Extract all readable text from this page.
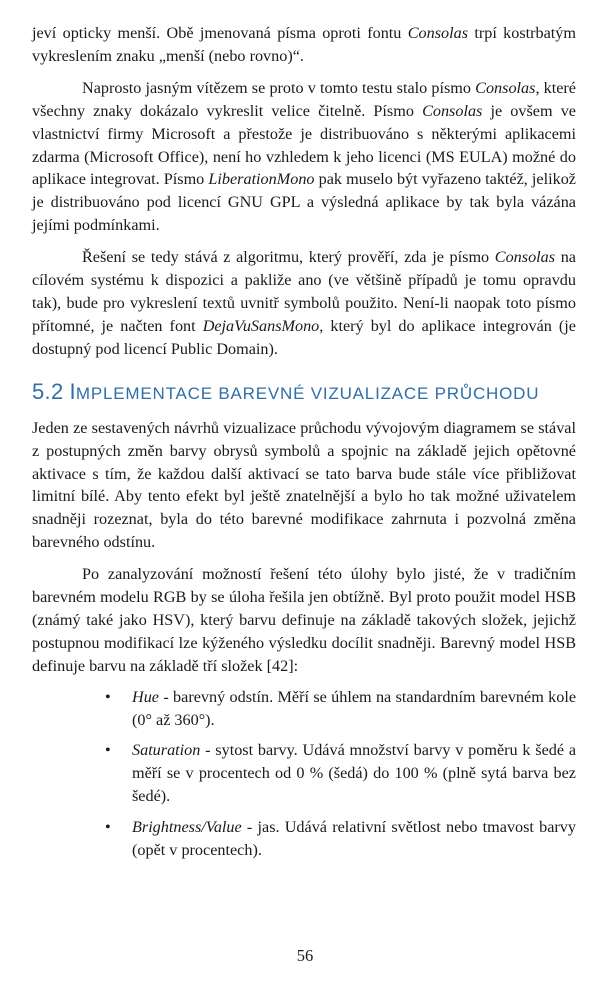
jeví opticky menší. Obě jmenovaná písma oproti fontu Consolas trpí kostrbatým vykreslením znaku „menší (nebo rovno)“.

Naprosto jasným vítězem se proto v tomto testu stalo písmo Consolas, které všechny znaky dokázalo vykreslit velice čitelně. Písmo Consolas je ovšem ve vlastnictví firmy Microsoft a přestože je distribuováno s některými aplikacemi zdarma (Microsoft Office), není ho vzhledem k jeho licenci (MS EULA) možné do aplikace integrovat. Písmo LiberationMono pak muselo být vyřazeno taktéž, jelikož je distribuováno pod licencí GNU GPL a výsledná aplikace by tak byla vázána jejími podmínkami.

Řešení se tedy stává z algoritmu, který prověří, zda je písmo Consolas na cílovém systému k dispozici a pakliže ano (ve většině případů je tomu opravdu tak), bude pro vykreslení textů uvnitř symbolů použito. Není-li naopak toto písmo přítomné, je načten font DejaVuSansMono, který byl do aplikace integrován (je dostupný pod licencí Public Domain).

5.2 IMPLEMENTACE BAREVNÉ VIZUALIZACE PRŮCHODU

Jeden ze sestavených návrhů vizualizace průchodu vývojovým diagramem se stával z postupných změn barvy obrysů symbolů a spojnic na základě jejich opětovné aktivace s tím, že každou další aktivací se tato barva bude stále více přibližovat limitní bílé. Aby tento efekt byl ještě znatelnější a bylo ho tak možné uživatelem snadněji rozeznat, byla do této barevné modifikace zahrnuta i pozvolná změna barevného odstínu.

Po zanalyzování možností řešení této úlohy bylo jisté, že v tradičním barevném modelu RGB by se úloha řešila jen obtížně. Byl proto použit model HSB (známý také jako HSV), který barvu definuje na základě takových složek, jejichž postupnou modifikací lze kýženého výsledku docílit snadněji. Barevný model HSB definuje barvu na základě tří složek [42]:

• Hue - barevný odstín. Měří se úhlem na standardním barevném kole (0° až 360°).
• Saturation - sytost barvy. Udává množství barvy v poměru k šedé a měří se v procentech od 0 % (šedá) do 100 % (plně sytá barva bez šedé).
• Brightness/Value - jas. Udává relativní světlost nebo tmavost barvy (opět v procentech).
56
